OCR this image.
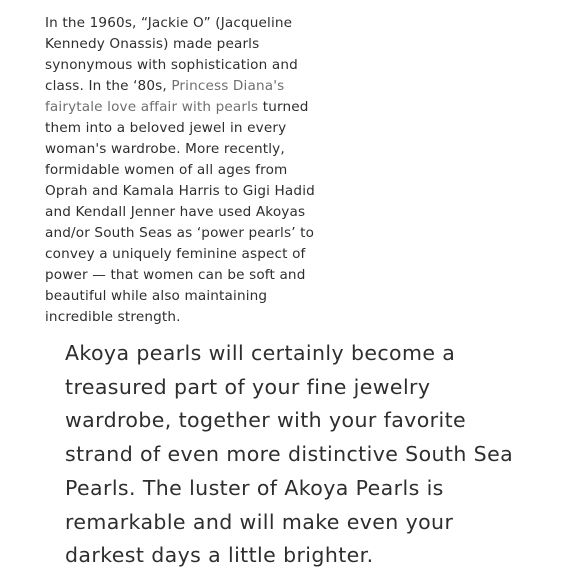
In the 1960s, “Jackie O” (Jacqueline Kennedy Onassis) made pearls synonymous with sophistication and class. In the ‘80s, Princess Diana's fairytale love affair with pearls turned them into a beloved jewel in every woman's wardrobe. More recently, formidable women of all ages from Oprah and Kamala Harris to Gigi Hadid and Kendall Jenner have used Akoyas and/or South Seas as ‘power pearls’ to convey a uniquely feminine aspect of power — that women can be soft and beautiful while also maintaining incredible strength.

Akoya pearls will certainly become a treasured part of your fine jewelry wardrobe, together with your favorite strand of even more distinctive South Sea Pearls. The luster of Akoya Pearls is remarkable and will make even your darkest days a little brighter.
